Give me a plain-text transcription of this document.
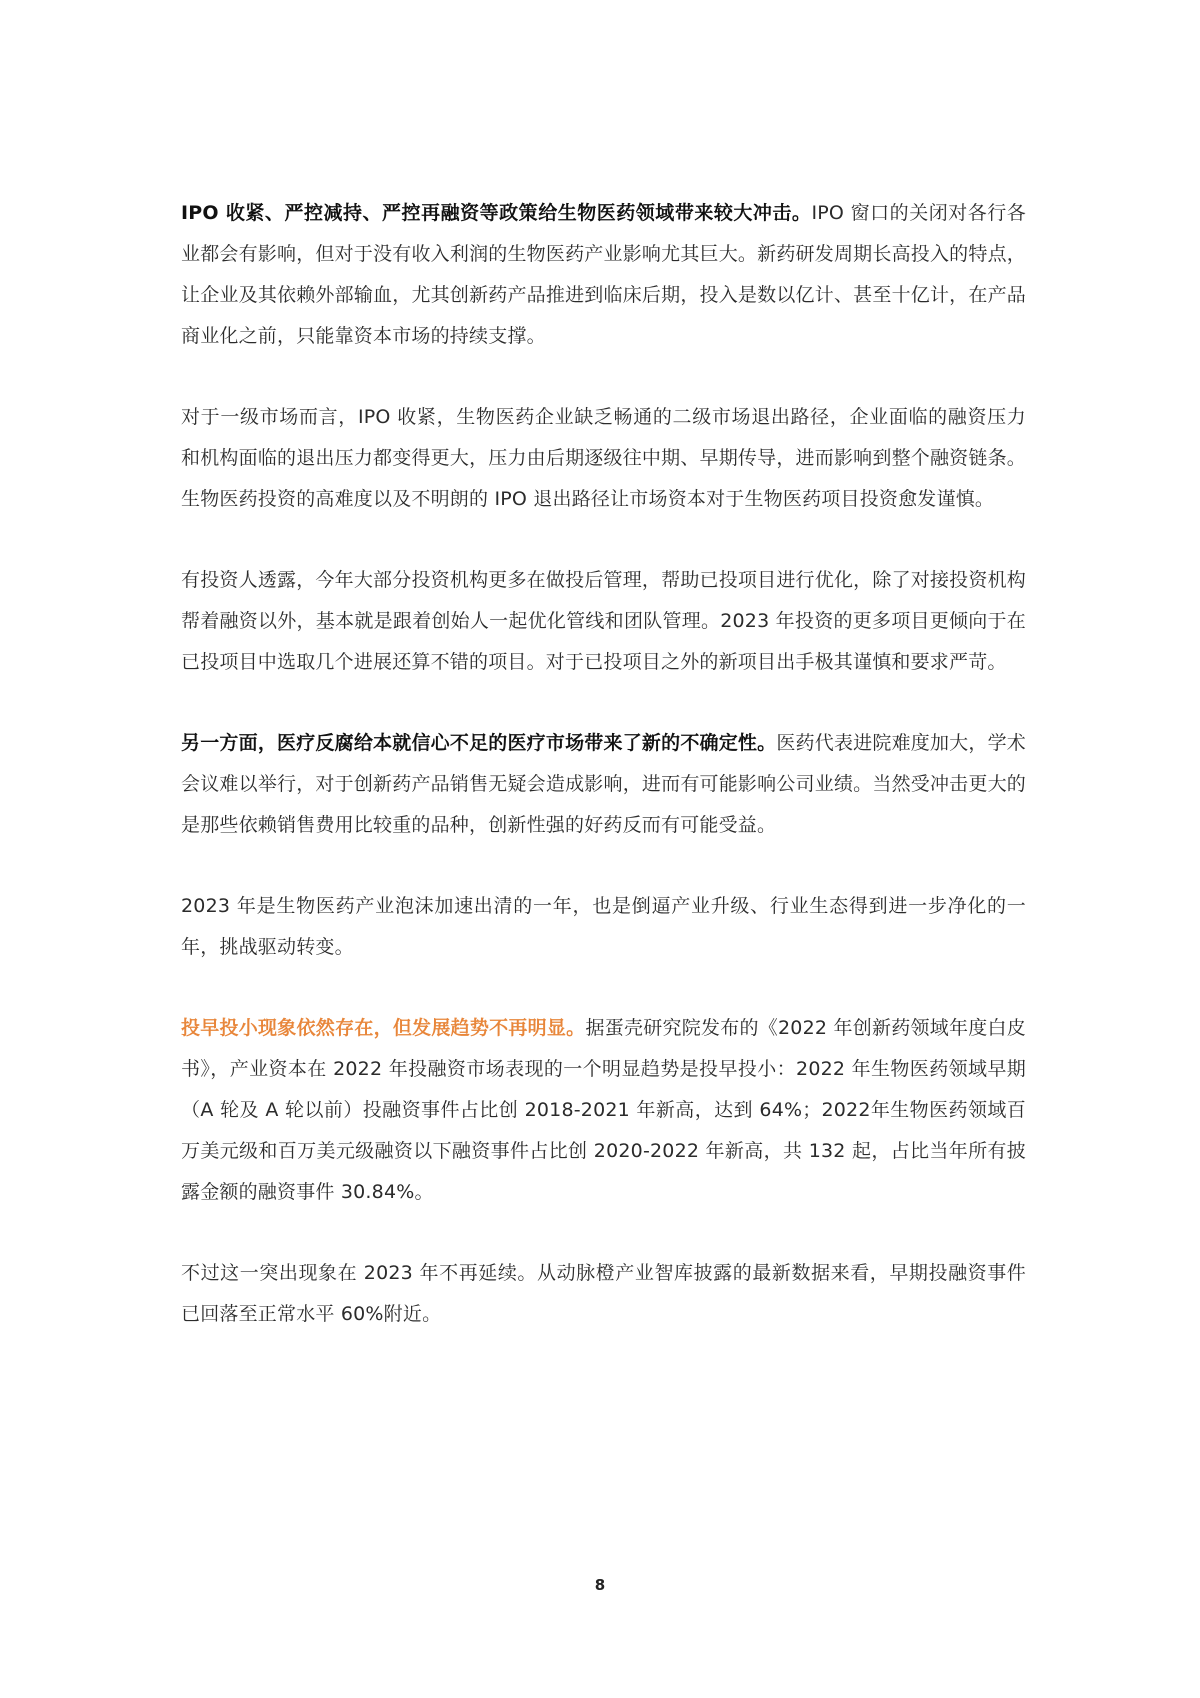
IPO 收紧、严控减持、严控再融资等政策给生物医药领域带来较大冲击。IPO 窗口的关闭对各行各业都会有影响，但对于没有收入利润的生物医药产业影响尤其巨大。新药研发周期长高投入的特点，让企业及其依赖外部输血，尤其创新药产品推进到临床后期，投入是数以亿计、甚至十亿计，在产品商业化之前，只能靠资本市场的持续支撑。

对于一级市场而言，IPO 收紧，生物医药企业缺乏畅通的二级市场退出路径，企业面临的融资压力和机构面临的退出压力都变得更大，压力由后期逐级往中期、早期传导，进而影响到整个融资链条。生物医药投资的高难度以及不明朗的 IPO 退出路径让市场资本对于生物医药项目投资愈发谨慎。

有投资人透露，今年大部分投资机构更多在做投后管理，帮助已投项目进行优化，除了对接投资机构帮着融资以外，基本就是跟着创始人一起优化管线和团队管理。2023 年投资的更多项目更倾向于在已投项目中选取几个进展还算不错的项目。对于已投项目之外的新项目出手极其谨慎和要求严苛。

另一方面，医疗反腐给本就信心不足的医疗市场带来了新的不确定性。医药代表进院难度加大，学术会议难以举行，对于创新药产品销售无疑会造成影响，进而有可能影响公司业绩。当然受冲击更大的是那些依赖销售费用比较重的品种，创新性强的好药反而有可能受益。

2023 年是生物医药产业泡沫加速出清的一年，也是倒逼产业升级、行业生态得到进一步净化的一年，挑战驱动转变。

投早投小现象依然存在，但发展趋势不再明显。据蛋壳研究院发布的《2022 年创新药领域年度白皮书》，产业资本在 2022 年投融资市场表现的一个明显趋势是投早投小：2022 年生物医药领域早期（A 轮及 A 轮以前）投融资事件占比创 2018-2021 年新高，达到 64%；2022年生物医药领域百万美元级和百万美元级融资以下融资事件占比创 2020-2022 年新高，共 132 起，占比当年所有披露金额的融资事件 30.84%。

不过这一突出现象在 2023 年不再延续。从动脉橙产业智库披露的最新数据来看，早期投融资事件已回落至正常水平 60%附近。

8
